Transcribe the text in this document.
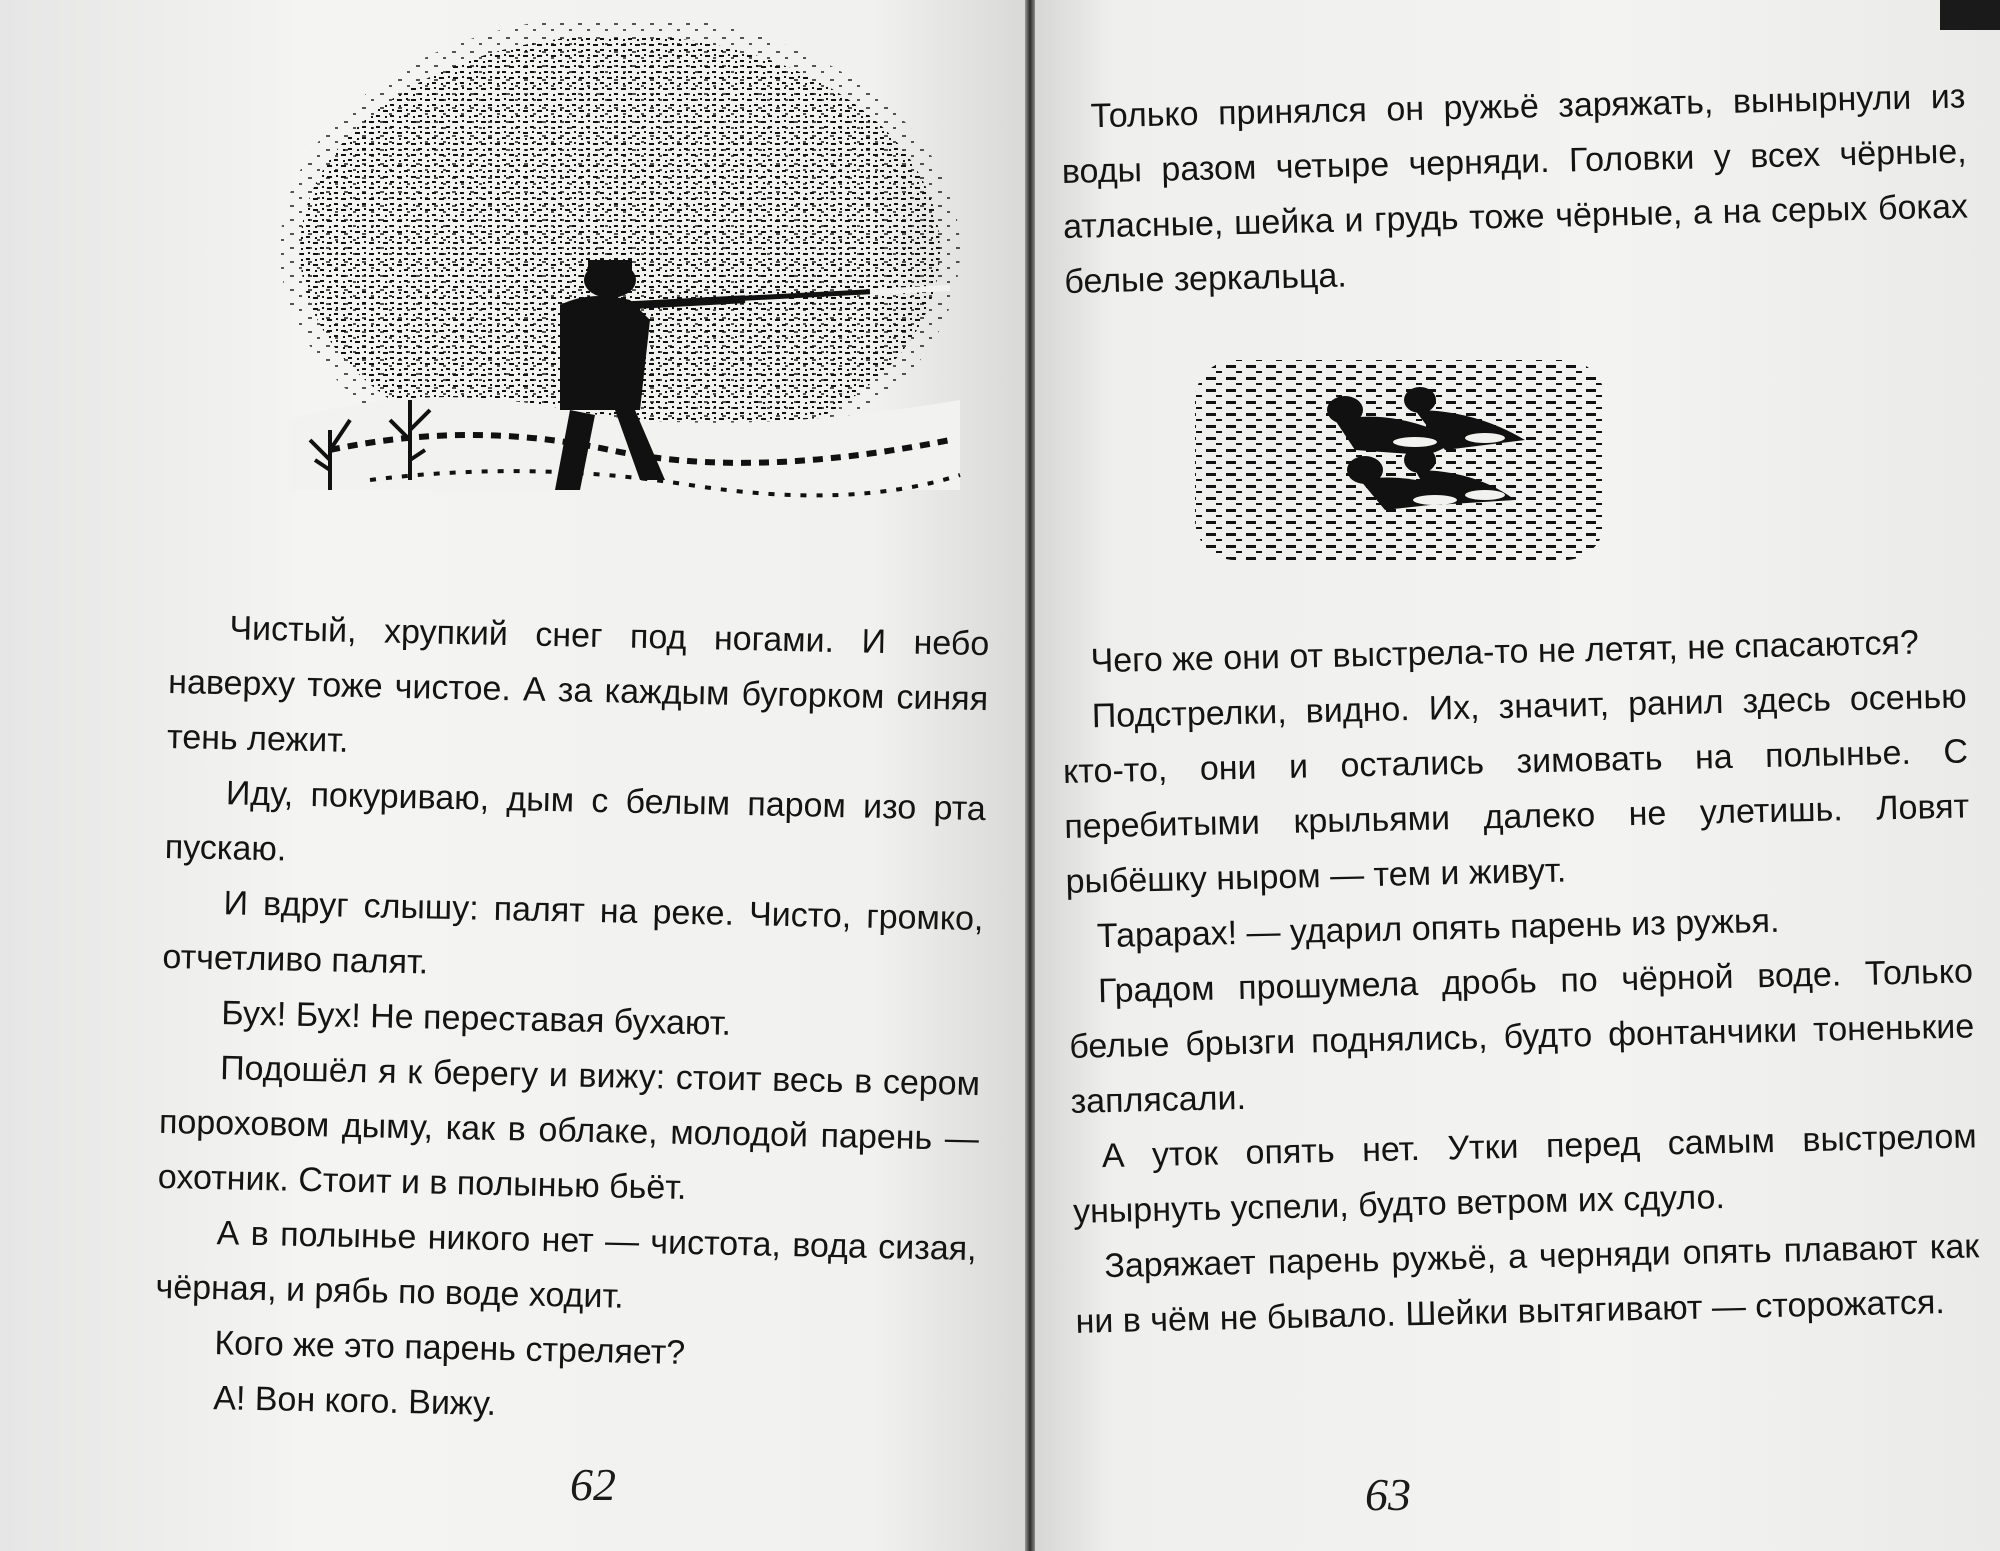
Чистый, хрупкий снег под ногами. И небо наверху тоже чистое. А за каждым бугорком синяя тень лежит.

Иду, покуриваю, дым с белым паром изо рта пускаю.

И вдруг слышу: палят на реке. Чисто, громко, отчетливо палят.

Бух! Бух! Не переставая бухают.

Подошёл я к берегу и вижу: стоит весь в сером пороховом дыму, как в облаке, молодой парень — охотник. Стоит и в полынью бьёт.

А в полынье никого нет — чистота, вода сизая, чёрная, и рябь по воде ходит.

Кого же это парень стреляет?

А! Вон кого. Вижу.

62

Только принялся он ружьё заряжать, вынырнули из воды разом четыре черняди. Головки у всех чёрные, атласные, шейка и грудь тоже чёрные, а на серых боках белые зеркальца.

Чего же они от выстрела-то не летят, не спасаются?

Подстрелки, видно. Их, значит, ранил здесь осенью кто-то, они и остались зимовать на полынье. С перебитыми крыльями далеко не улетишь. Ловят рыбёшку ныром — тем и живут.

Тарарах! — ударил опять парень из ружья.

Градом прошумела дробь по чёрной воде. Только белые брызги поднялись, будто фонтанчики тоненькие заплясали.

А уток опять нет. Утки перед самым выстрелом унырнуть успели, будто ветром их сдуло.

Заряжает парень ружьё, а черняди опять плавают как ни в чём не бывало. Шейки вытягивают — сторожатся.

63
